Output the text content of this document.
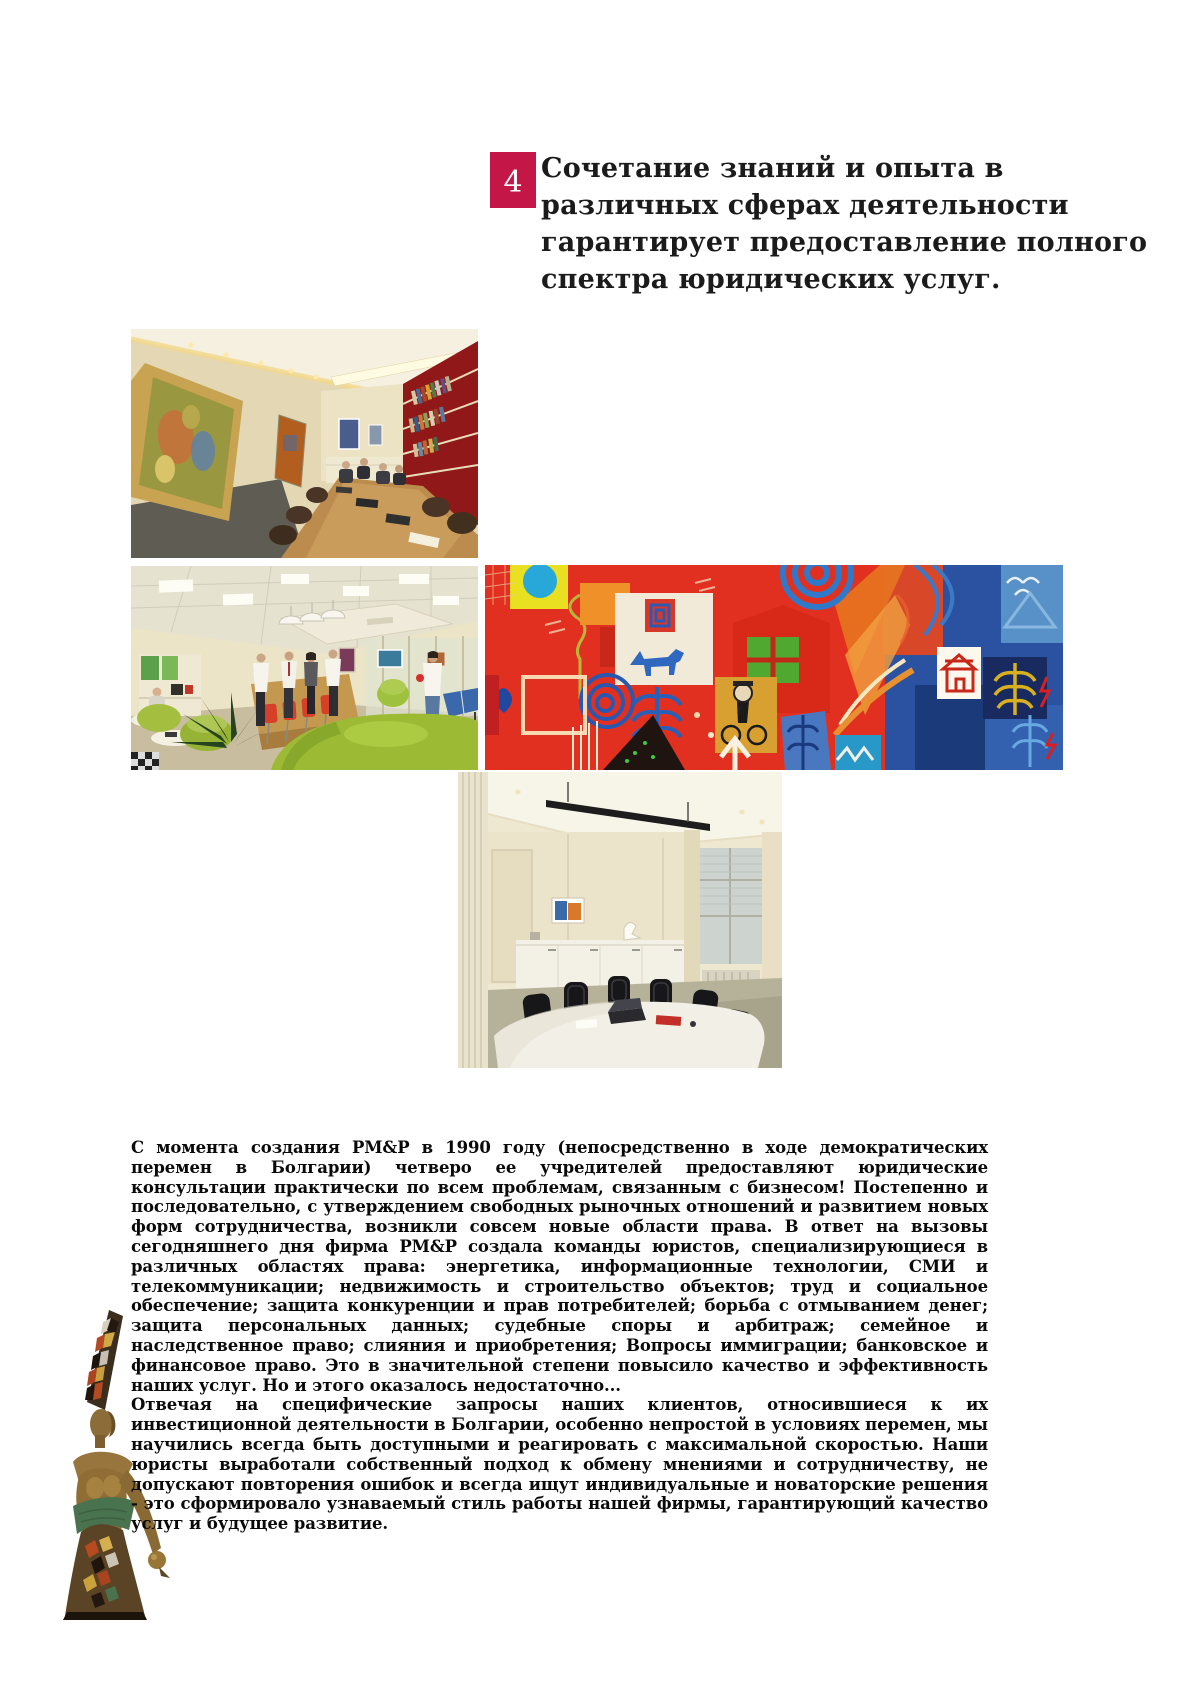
4 Сочетание знаний и опыта в
различных сферах деятельности
гарантирует предоставление полного
спектра юридических услуг.

С момента создания PM&P в 1990 году (непосредственно в ходе демократических перемен в Болгарии) четверо ее учредителей предоставляют юридические консультации практически по всем проблемам, связанным с бизнесом! Постепенно и последовательно, с утверждением свободных рыночных отношений и развитием новых форм сотрудничества, возникли совсем новые области права. В ответ на вызовы сегодняшнего дня фирма PM&P создала команды юристов, специализирующиеся в различных областях права: энергетика, информационные технологии, СМИ и телекоммуникации; недвижимость и строительство объектов; труд и социальное обеспечение; защита конкуренции и прав потребителей; борьба с отмыванием денег; защита персональных данных; судебные споры и арбитраж; семейное и наследственное право; слияния и приобретения; Вопросы иммиграции; банковское и финансовое право. Это в значительной степени повысило качество и эффективность наших услуг. Но и этого оказалось недостаточно...

Отвечая на специфические запросы наших клиентов, относившиеся к их инвестиционной деятельности в Болгарии, особенно непростой в условиях перемен, мы научились всегда быть доступными и реагировать с максимальной скоростью. Наши юристы выработали собственный подход к обмену мнениями и сотрудничеству, не допускают повторения ошибок и всегда ищут индивидуальные и новаторские решения - это сформировало узнаваемый стиль работы нашей фирмы, гарантирующий качество услуг и будущее развитие.
